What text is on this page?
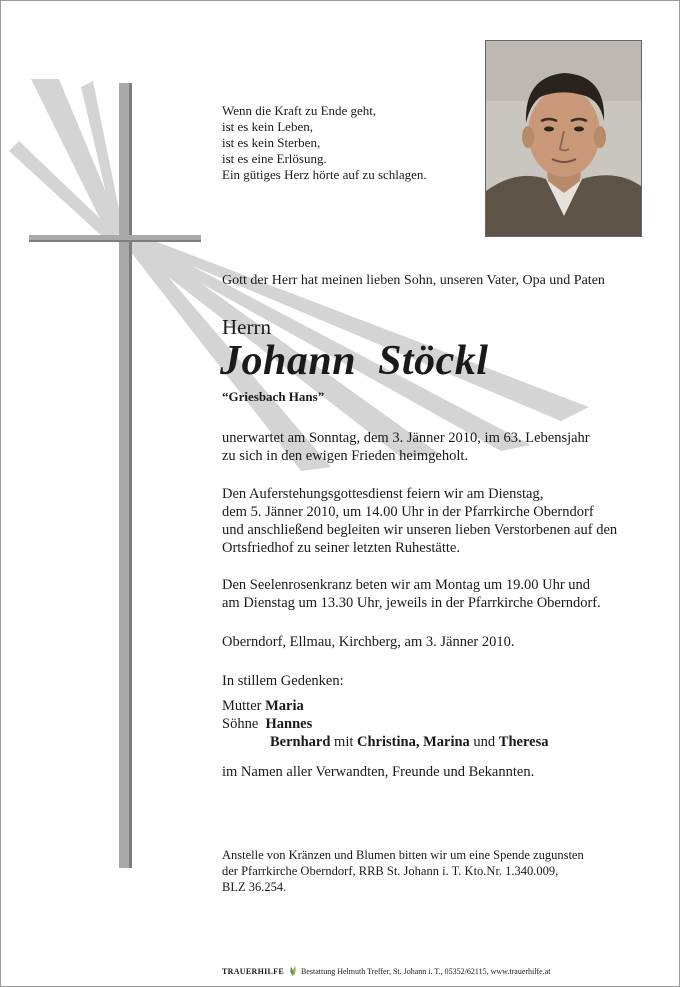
Wenn die Kraft zu Ende geht,
ist es kein Leben,
ist es kein Sterben,
ist es eine Erlösung.
Ein gütiges Herz hörte auf zu schlagen.
Gott der Herr hat meinen lieben Sohn, unseren Vater, Opa und Paten
Herrn
Johann  Stöckl
“Griesbach Hans”
unerwartet am Sonntag, dem 3. Jänner 2010, im 63. Lebensjahr
zu sich in den ewigen Frieden heimgeholt.
Den Auferstehungsgottesdienst feiern wir am Dienstag,
dem 5. Jänner 2010, um 14.00 Uhr in der Pfarrkirche Oberndorf
und anschließend begleiten wir unseren lieben Verstorbenen auf den
Ortsfriedhof zu seiner letzten Ruhestätte.
Den Seelenrosenkranz beten wir am Montag um 19.00 Uhr und
am Dienstag um 13.30 Uhr, jeweils in der Pfarrkirche Oberndorf.
Oberndorf, Ellmau, Kirchberg, am 3. Jänner 2010.
In stillem Gedenken:
Mutter Maria
Söhne Hannes
Bernhard mit Christina, Marina und Theresa
im Namen aller Verwandten, Freunde und Bekannten.
Anstelle von Kränzen und Blumen bitten wir um eine Spende zugunsten
der Pfarrkirche Oberndorf, RRB St. Johann i. T. Kto.Nr. 1.340.009,
BLZ 36.254.
TRAUERHILFE Bestattung Helmuth Treffer, St. Johann i. T., 05352/62115, www.trauerhilfe.at
